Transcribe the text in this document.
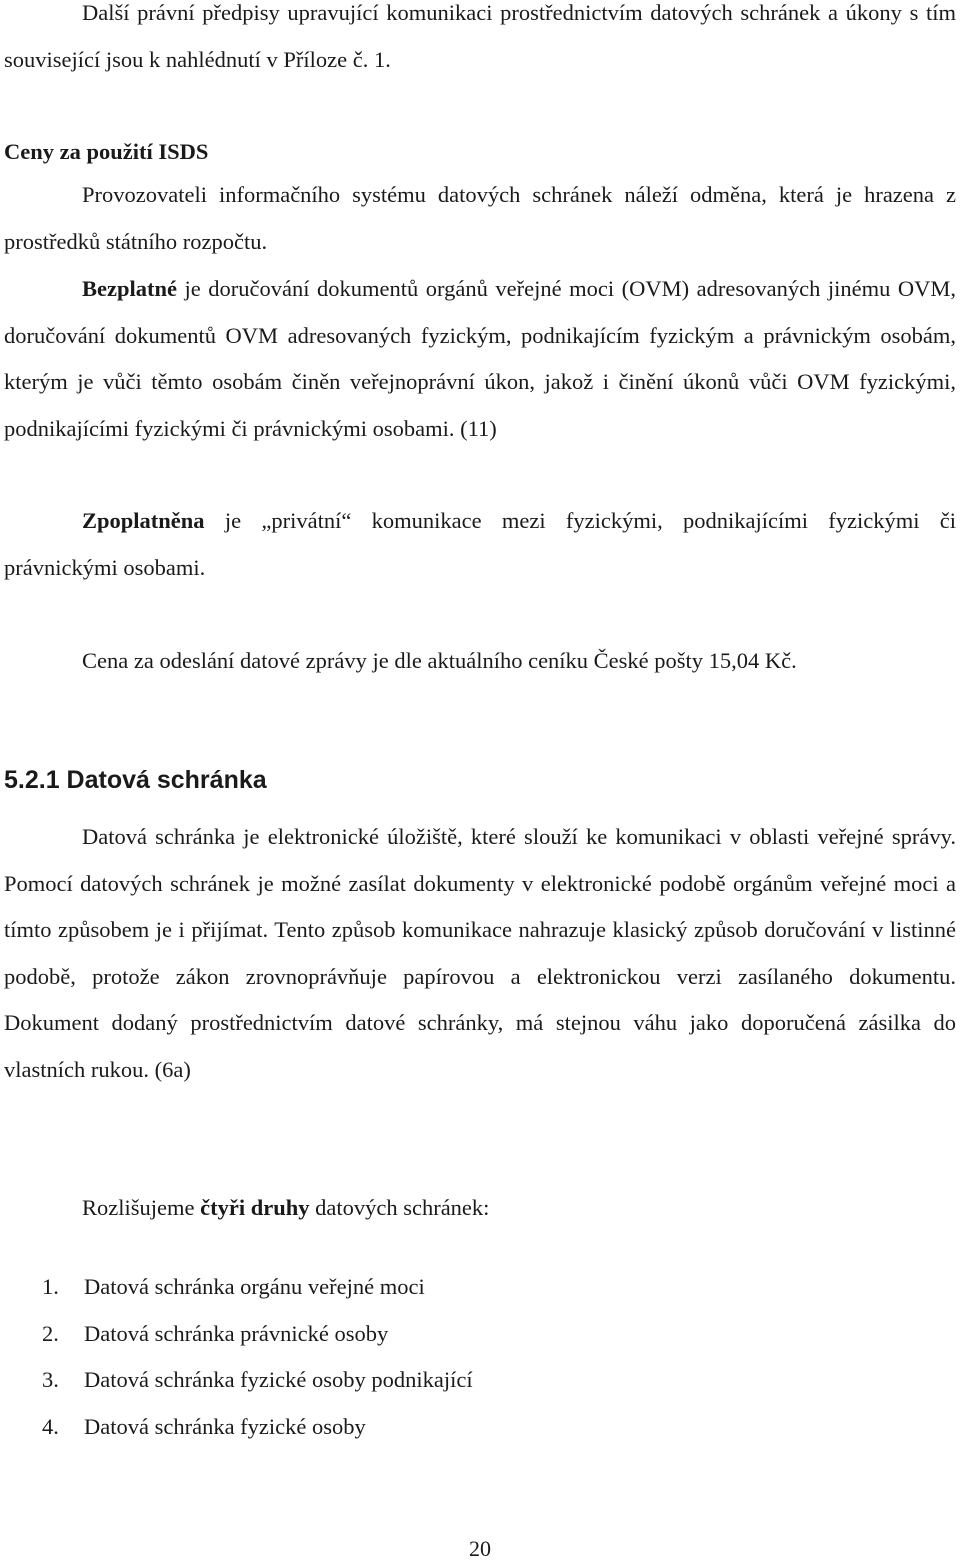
Další právní předpisy upravující komunikaci prostřednictvím datových schránek a úkony s tím související jsou k nahlédnutí v Příloze č. 1.

Ceny za použití ISDS

Provozovateli informačního systému datových schránek náleží odměna, která je hrazena z prostředků státního rozpočtu.

Bezplatné je doručování dokumentů orgánů veřejné moci (OVM) adresovaných jinému OVM, doručování dokumentů OVM adresovaných fyzickým, podnikajícím fyzickým a právnickým osobám, kterým je vůči těmto osobám činěn veřejnoprávní úkon, jakož i činění úkonů vůči OVM fyzickými, podnikajícími fyzickými či právnickými osobami. (11)

Zpoplatněna je „privátní“ komunikace mezi fyzickými, podnikajícími fyzickými či právnickými osobami.

Cena za odeslání datové zprávy je dle aktuálního ceníku České pošty 15,04 Kč.

5.2.1 Datová schránka

Datová schránka je elektronické úložiště, které slouží ke komunikaci v oblasti veřejné správy. Pomocí datových schránek je možné zasílat dokumenty v elektronické podobě orgánům veřejné moci a tímto způsobem je i přijímat. Tento způsob komunikace nahrazuje klasický způsob doručování v listinné podobě, protože zákon zrovnoprávňuje papírovou a elektronickou verzi zasílaného dokumentu. Dokument dodaný prostřednictvím datové schránky, má stejnou váhu jako doporučená zásilka do vlastních rukou. (6a)

Rozlišujeme čtyři druhy datových schránek:

1. Datová schránka orgánu veřejné moci
2. Datová schránka právnické osoby
3. Datová schránka fyzické osoby podnikající
4. Datová schránka fyzické osoby
20
